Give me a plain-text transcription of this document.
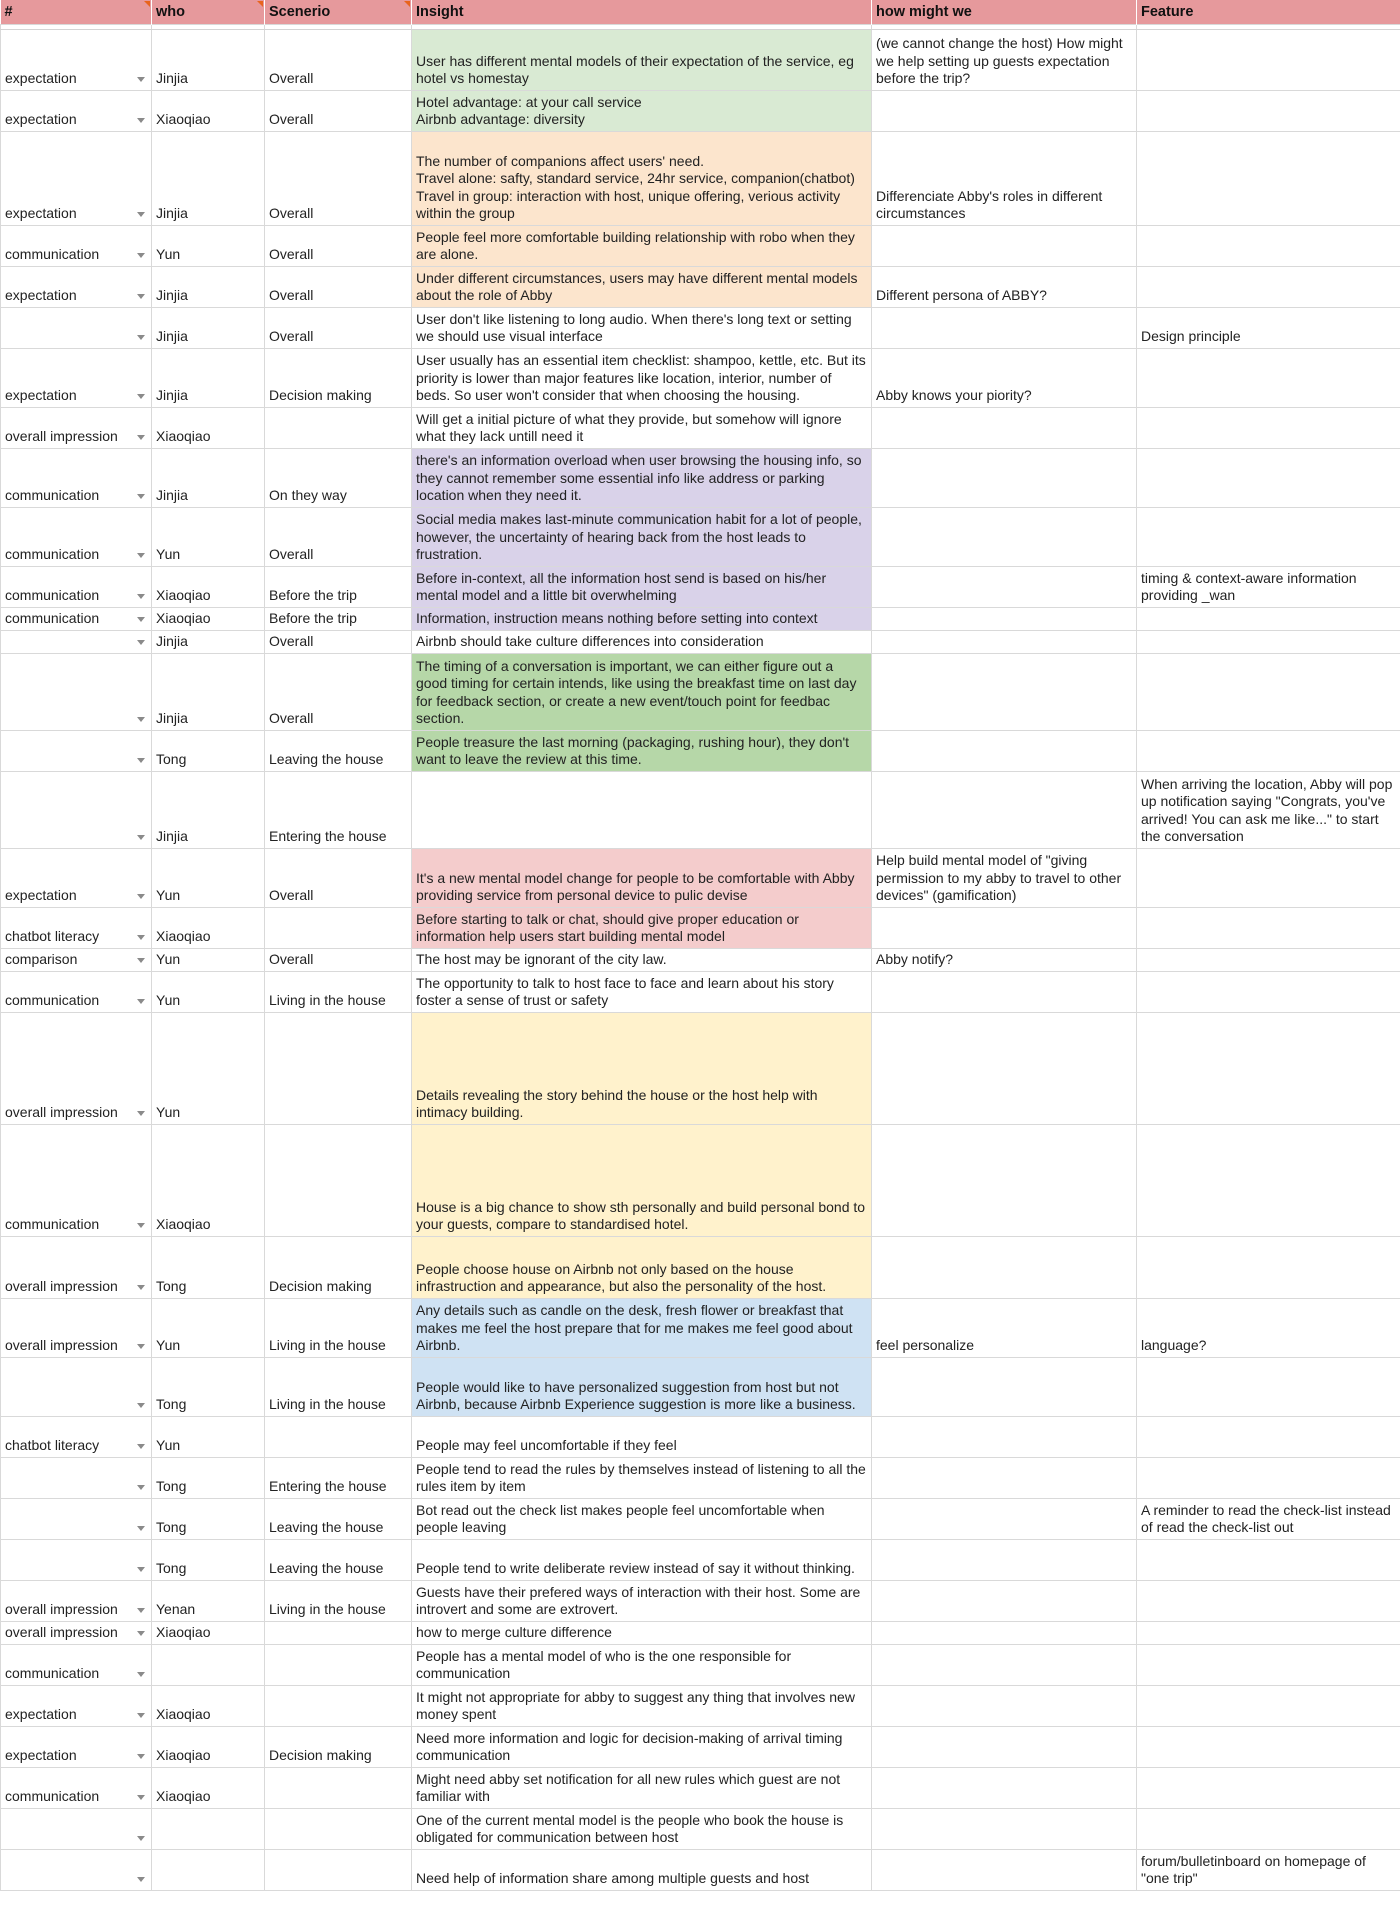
#	who	Scenerio	Insight	how might we	Feature

expectation	Jinjia	Overall	User has different mental models of their expectation of the service, eg hotel vs homestay	(we cannot change the host) How might we help setting up guests expectation before the trip?	
expectation	Xiaoqiao	Overall	Hotel advantage: at your call service
Airbnb advantage: diversity		
expectation	Jinjia	Overall	The number of companions affect users' need.
Travel alone: safty, standard service, 24hr service, companion(chatbot)
Travel in group: interaction with host, unique offering, verious activity within the group	Differenciate Abby's roles in different circumstances	
communication	Yun	Overall	People feel more comfortable building relationship with robo when they are alone.		
expectation	Jinjia	Overall	Under different circumstances, users may have different mental models about the role of Abby	Different persona of ABBY?	

	Jinjia	Overall	User don't like listening to long audio. When there's long text or setting we should use visual interface		Design principle
expectation	Jinjia	Decision making	User usually has an essential item checklist: shampoo, kettle, etc. But its priority is lower than major features like location, interior, number of beds. So user won't consider that when choosing the housing.	Abby knows your piority?	
overall impression	Xiaoqiao		Will get a initial picture of what they provide, but somehow will ignore what they lack untill need it		
communication	Jinjia	On they way	there's an information overload when user browsing the housing info, so they cannot remember some essential info like address or parking location when they need it.		
communication	Yun	Overall	Social media makes last-minute communication habit for a lot of people, however, the uncertainty of hearing back from the host leads to frustration.		
communication	Xiaoqiao	Before the trip	Before in-context, all the information host send is based on his/her mental model and a little bit overwhelming		timing & context-aware information providing _wan
communication	Xiaoqiao	Before the trip	Information, instruction means nothing before setting into context		

	Jinjia	Overall	Airbnb should take culture differences into consideration		

	Jinjia	Overall	The timing of a conversation is important, we can either figure out a good timing for certain intends, like using the breakfast time on last day for feedback section, or create a new event/touch point for feedbac section.		

	Tong	Leaving the house	People treasure the last morning (packaging, rushing hour), they don't want to leave the review at this time.		

	Jinjia	Entering the house			When arriving the location, Abby will pop up notification saying "Congrats, you've arrived! You can ask me like..." to start the conversation
expectation	Yun	Overall	It's a new mental model change for people to be comfortable with Abby providing service from personal device to pulic devise	Help build mental model of "giving permission to my abby to travel to other devices" (gamification)	
chatbot literacy	Xiaoqiao		Before starting to talk or chat, should give proper education or information help users start building mental model		
comparison	Yun	Overall	The host may be ignorant of the city law.	Abby notify?	
communication	Yun	Living in the house	The opportunity to talk to host face to face and learn about his story foster a sense of trust or safety		
overall impression	Yun		Details revealing the story behind the house or the host help with intimacy building.		
communication	Xiaoqiao		House is a big chance to show sth personally and build personal bond to your guests, compare to standardised hotel.		
overall impression	Tong	Decision making	People choose house on Airbnb not only based on the house infrastruction and appearance, but also the personality of the host.		
overall impression	Yun	Living in the house	Any details such as candle on the desk, fresh flower or breakfast that makes me feel the host prepare that for me makes me feel good about Airbnb.	feel personalize	language?

	Tong	Living in the house	People would like to have personalized suggestion from host but not Airbnb, because Airbnb Experience suggestion is more like a business.		
chatbot literacy	Yun		People may feel uncomfortable if they feel		

	Tong	Entering the house	People tend to read the rules by themselves instead of listening to all the rules item by item		

	Tong	Leaving the house	Bot read out the check list makes people feel uncomfortable when people leaving		A reminder to read the check-list instead of read the check-list out

	Tong	Leaving the house	People tend to write deliberate review instead of say it without thinking.		
overall impression	Yenan	Living in the house	Guests have their prefered ways of interaction with their host. Some are introvert and some are extrovert.		
overall impression	Xiaoqiao		how to merge culture difference		
communication			People has a mental model of who is the one responsible for communication		
expectation	Xiaoqiao		It might not appropriate for abby to suggest any thing that involves new money spent		
expectation	Xiaoqiao	Decision making	Need more information and logic for decision-making of arrival timing communication		
communication	Xiaoqiao		Might need abby set notification for all new rules which guest are not familiar with		

			One of the current mental model is the people who book the house is obligated for communication between host		

			Need help of information share among multiple guests and host		forum/bulletinboard on homepage of "one trip"
